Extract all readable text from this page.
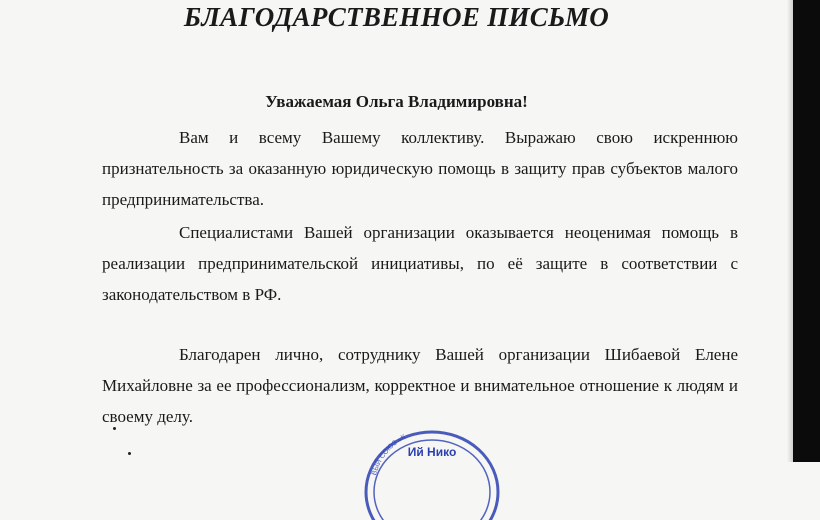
БЛАГОДАРСТВЕННОЕ ПИСЬМО
Уважаемая Ольга Владимировна!

Вам и всему Вашему коллективу. Выражаю свою искреннюю признательность за оказанную юридическую помощь в защиту прав субъектов малого предпринимательства.

Специалистами Вашей организации оказывается неоценимая помощь в реализации предпринимательской инициативы, по её защите в соответствии с законодательством в РФ.

Благодарен лично, сотруднику Вашей организации Шибаевой Елене Михайловне за ее профессионализм, корректное и внимательное отношение к людям и своему делу.

ВЫЙ СОЮЗ «К
Ий Нико
